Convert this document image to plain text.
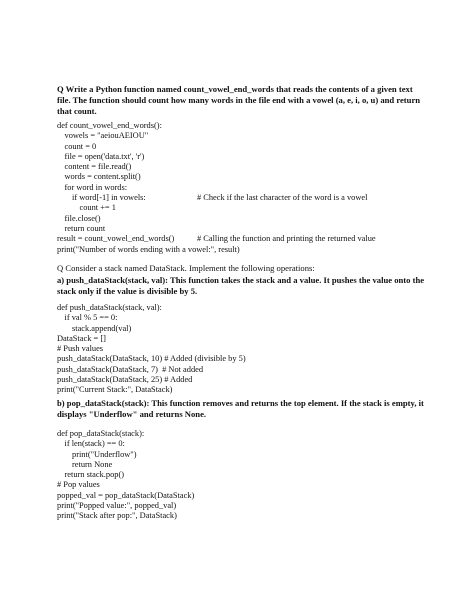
Q Write a Python function named count_vowel_end_words that reads the contents of a given text file. The function should count how many words in the file end with a vowel (a, e, i, o, u) and return that count.
def count_vowel_end_words():
vowels = "aeiouAEIOU"
count = 0
file = open('data.txt', 'r')
content = file.read()
words = content.split()
for word in words:
if word[-1] in vowels:	# Check if the last character of the word is a vowel
count += 1
file.close()
return count
result = count_vowel_end_words()	# Calling the function and printing the returned value
print("Number of words ending with a vowel:", result)
Q Consider a stack named DataStack. Implement the following operations:
a) push_dataStack(stack, val): This function takes the stack and a value. It pushes the value onto the stack only if the value is divisible by 5.
def push_dataStack(stack, val):
if val % 5 == 0:
stack.append(val)
DataStack = []
# Push values
push_dataStack(DataStack, 10) # Added (divisible by 5)
push_dataStack(DataStack, 7)  # Not added
push_dataStack(DataStack, 25) # Added
print("Current Stack:", DataStack)
b) pop_dataStack(stack): This function removes and returns the top element. If the stack is empty, it displays "Underflow" and returns None.
def pop_dataStack(stack):
if len(stack) == 0:
print("Underflow")
return None
return stack.pop()
# Pop values
popped_val = pop_dataStack(DataStack)
print("Popped value:", popped_val)
print("Stack after pop:", DataStack)
